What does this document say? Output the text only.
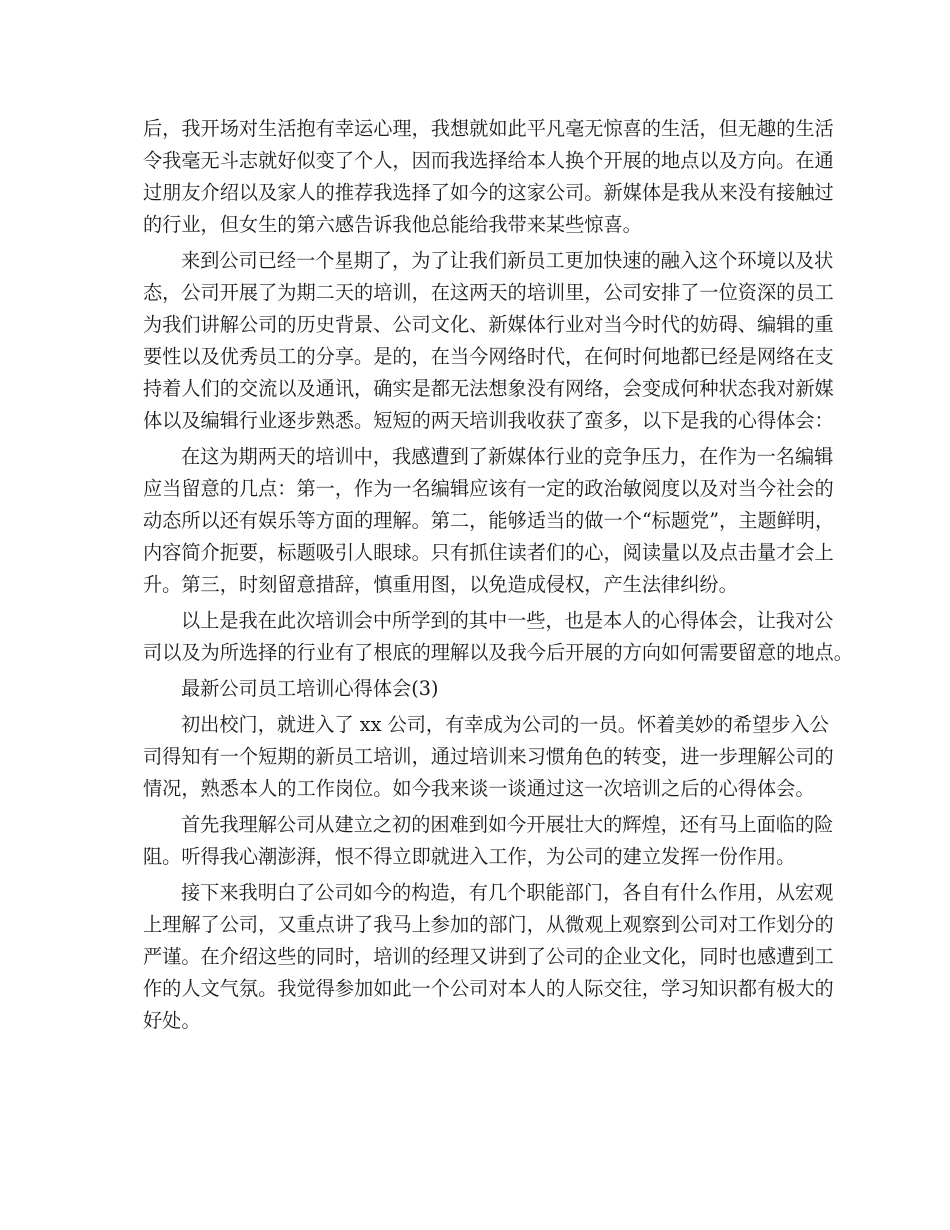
后，我开场对生活抱有幸运心理，我想就如此平凡毫无惊喜的生活，但无趣的生活
令我毫无斗志就好似变了个人，因而我选择给本人换个开展的地点以及方向。在通
过朋友介绍以及家人的推荐我选择了如今的这家公司。新媒体是我从来没有接触过
的行业，但女生的第六感告诉我他总能给我带来某些惊喜。
来到公司已经一个星期了，为了让我们新员工更加快速的融入这个环境以及状
态，公司开展了为期二天的培训，在这两天的培训里，公司安排了一位资深的员工
为我们讲解公司的历史背景、公司文化、新媒体行业对当今时代的妨碍、编辑的重
要性以及优秀员工的分享。是的，在当今网络时代，在何时何地都已经是网络在支
持着人们的交流以及通讯，确实是都无法想象没有网络，会变成何种状态我对新媒
体以及编辑行业逐步熟悉。短短的两天培训我收获了蛮多，以下是我的心得体会：
在这为期两天的培训中，我感遭到了新媒体行业的竞争压力，在作为一名编辑
应当留意的几点：第一，作为一名编辑应该有一定的政治敏阅度以及对当今社会的
动态所以还有娱乐等方面的理解。第二，能够适当的做一个“标题党”，主题鲜明，
内容简介扼要，标题吸引人眼球。只有抓住读者们的心，阅读量以及点击量才会上
升。第三，时刻留意措辞，慎重用图，以免造成侵权，产生法律纠纷。
以上是我在此次培训会中所学到的其中一些，也是本人的心得体会，让我对公
司以及为所选择的行业有了根底的理解以及我今后开展的方向如何需要留意的地点。
最新公司员工培训心得体会(3)
初出校门，就进入了 xx 公司，有幸成为公司的一员。怀着美妙的希望步入公
司得知有一个短期的新员工培训，通过培训来习惯角色的转变，进一步理解公司的
情况，熟悉本人的工作岗位。如今我来谈一谈通过这一次培训之后的心得体会。
首先我理解公司从建立之初的困难到如今开展壮大的辉煌，还有马上面临的险
阻。听得我心潮澎湃，恨不得立即就进入工作，为公司的建立发挥一份作用。
接下来我明白了公司如今的构造，有几个职能部门，各自有什么作用，从宏观
上理解了公司，又重点讲了我马上参加的部门，从微观上观察到公司对工作划分的
严谨。在介绍这些的同时，培训的经理又讲到了公司的企业文化，同时也感遭到工
作的人文气氛。我觉得参加如此一个公司对本人的人际交往，学习知识都有极大的
好处。
